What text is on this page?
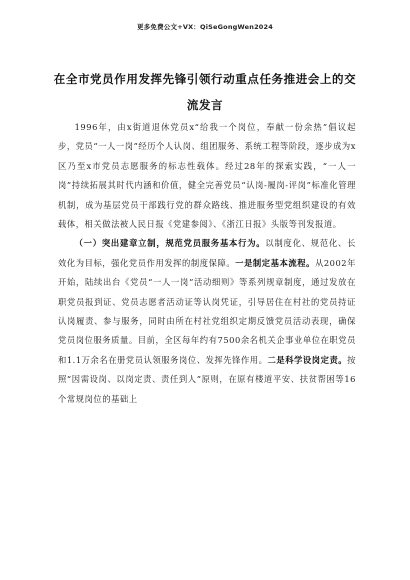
更多免费公文+VX：QiSeGongWen2024
在全市党员作用发挥先锋引领行动重点任务推进会上的交流发言

1996年，由x街道退休党员x“给我一个岗位，奉献一份余热”倡议起步，党员“一人一岗”经历个人认岗、组团服务、系统工程等阶段，逐步成为x区乃至x市党员志愿服务的标志性载体。经过28年的探索实践，“一人一岗”持续拓展其时代内涵和价值，健全完善党员“认岗-履岗-评岗”标准化管理机制，成为基层党员干部践行党的群众路线、推进服务型党组织建设的有效载体，相关做法被人民日报《党建参阅》、《浙江日报》头版等刊发报道。

（一）突出建章立制，规范党员服务基本行为。以制度化、规范化、长效化为目标，强化党员作用发挥的制度保障。一是制定基本流程。从2002年开始，陆续出台《党员“一人一岗”活动细则》等系列规章制度，通过发放在职党员报到证、党员志愿者活动证等认岗凭证，引导居住在村社的党员持证认岗履责、参与服务，同时由所在村社党组织定期反馈党员活动表现，确保党员岗位服务质量。目前，全区每年约有7500余名机关企事业单位在职党员和1.1万余名在册党员认领服务岗位、发挥先锋作用。二是科学设岗定责。按照“因需设岗、以岗定责、责任到人”原则，在原有楼道平安、扶贫帮困等16个常规岗位的基础上
